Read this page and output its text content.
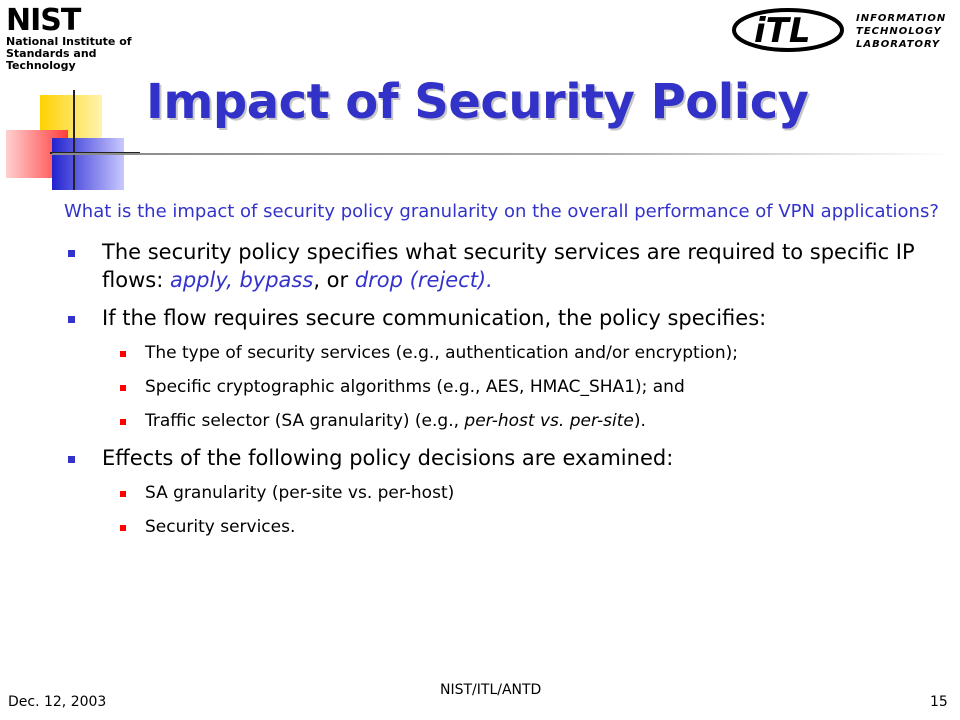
NIST
National Institute of
Standards and Technology
iTL	INFORMATION
TECHNOLOGY
LABORATORY
Impact of Security Policy

What is the impact of security policy granularity on the overall performance of VPN applications?

The security policy specifies what security services are required to specific IP flows: apply, bypass, or drop (reject).
If the flow requires secure communication, the policy specifies:
The type of security services (e.g., authentication and/or encryption);
Specific cryptographic algorithms (e.g., AES, HMAC_SHA1); and
Traffic selector (SA granularity) (e.g., per-host vs. per-site).
Effects of the following policy decisions are examined:
SA granularity (per-site vs. per-host)
Security services.
Dec. 12, 2003
NIST/ITL/ANTD
15
